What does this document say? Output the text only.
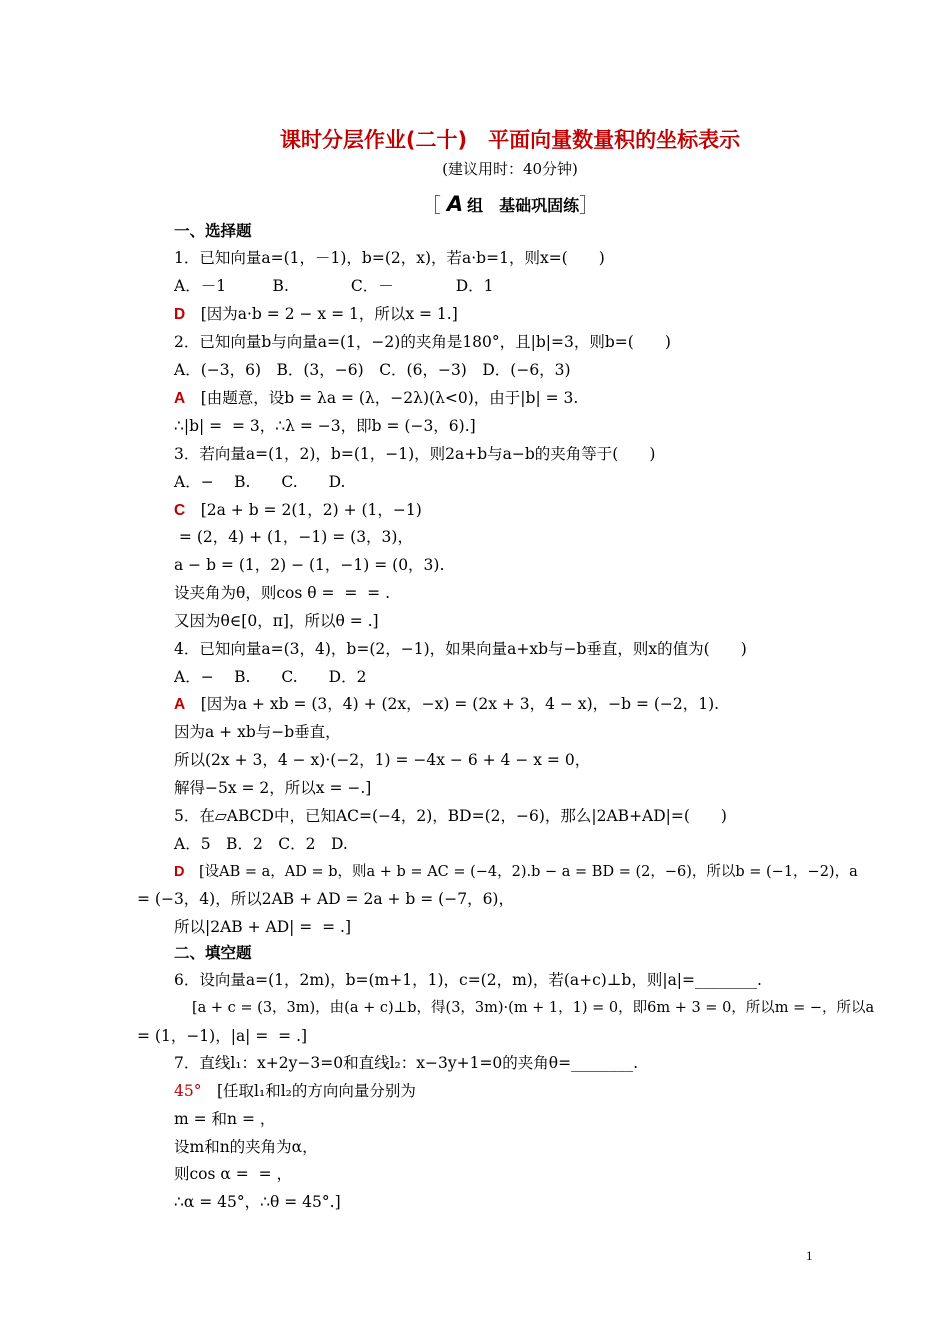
课时分层作业(二十)　平面向量数量积的坐标表示
(建议用时：40分钟)
［ A 组　基础巩固练］
一、选择题
1．已知向量a=(1，－1)，b=(2，x)，若a·b=1，则x=(　　)
A．－1　　　B.　　　　C．－　　　　D．1
D　 [因为a·b = 2 − x = 1，所以x = 1.]
2．已知向量b与向量a=(1，−2)的夹角是180°，且|b|=3，则b=(　　)
A．(−3，6)　B．(3，−6)　C．(6，−3)　D．(−6，3)
A　 [由题意，设b = λa = (λ，−2λ)(λ<0)，由于|b| = 3.
∴|b| =  = 3，∴λ = −3，即b = (−3，6).]
3．若向量a=(1，2)，b=(1，−1)，则2a+b与a−b的夹角等于(　　)
A．−　 B.　　C.　　D.
C　 [2a + b = 2(1，2) + (1，−1)
= (2，4) + (1，−1) = (3，3)，
a − b = (1，2) − (1，−1) = (0，3).
设夹角为θ，则cos θ =  =  = .
又因为θ∈[0，π]，所以θ = .]
4．已知向量a=(3，4)，b=(2，−1)，如果向量a+xb与−b垂直，则x的值为(　　)
A．−　 B.　　C.　　D．2
A　 [因为a + xb = (3，4) + (2x，−x) = (2x + 3，4 − x)，−b = (−2，1).
因为a + xb与−b垂直，
所以(2x + 3，4 − x)·(−2，1) = −4x − 6 + 4 − x = 0，
解得−5x = 2，所以x = −.]
5．在▱ABCD中，已知AC=(−4，2)，BD=(2，−6)，那么|2AB+AD|=(　　)
A．5　B．2　C．2　D.
D　 [设AB = a，AD = b，则a + b = AC = (−4，2).b − a = BD = (2，−6)，所以b = (−1，−2)，a
= (−3，4)，所以2AB + AD = 2a + b = (−7，6)，
所以|2AB + AD| =  = .]
二、填空题
6．设向量a=(1，2m)，b=(m+1，1)，c=(2，m)，若(a+c)⊥b，则|a|=________.
[a + c = (3，3m)，由(a + c)⊥b，得(3，3m)·(m + 1，1) = 0，即6m + 3 = 0，所以m = −，所以a
= (1，−1)，|a| =  = .]
7．直线l₁：x+2y−3=0和直线l₂：x−3y+1=0的夹角θ=________.
45°　 [任取l₁和l₂的方向向量分别为
m = 和n = ，
设m和n的夹角为α，
则cos α =  = ，
∴α = 45°，∴θ = 45°.]
1
